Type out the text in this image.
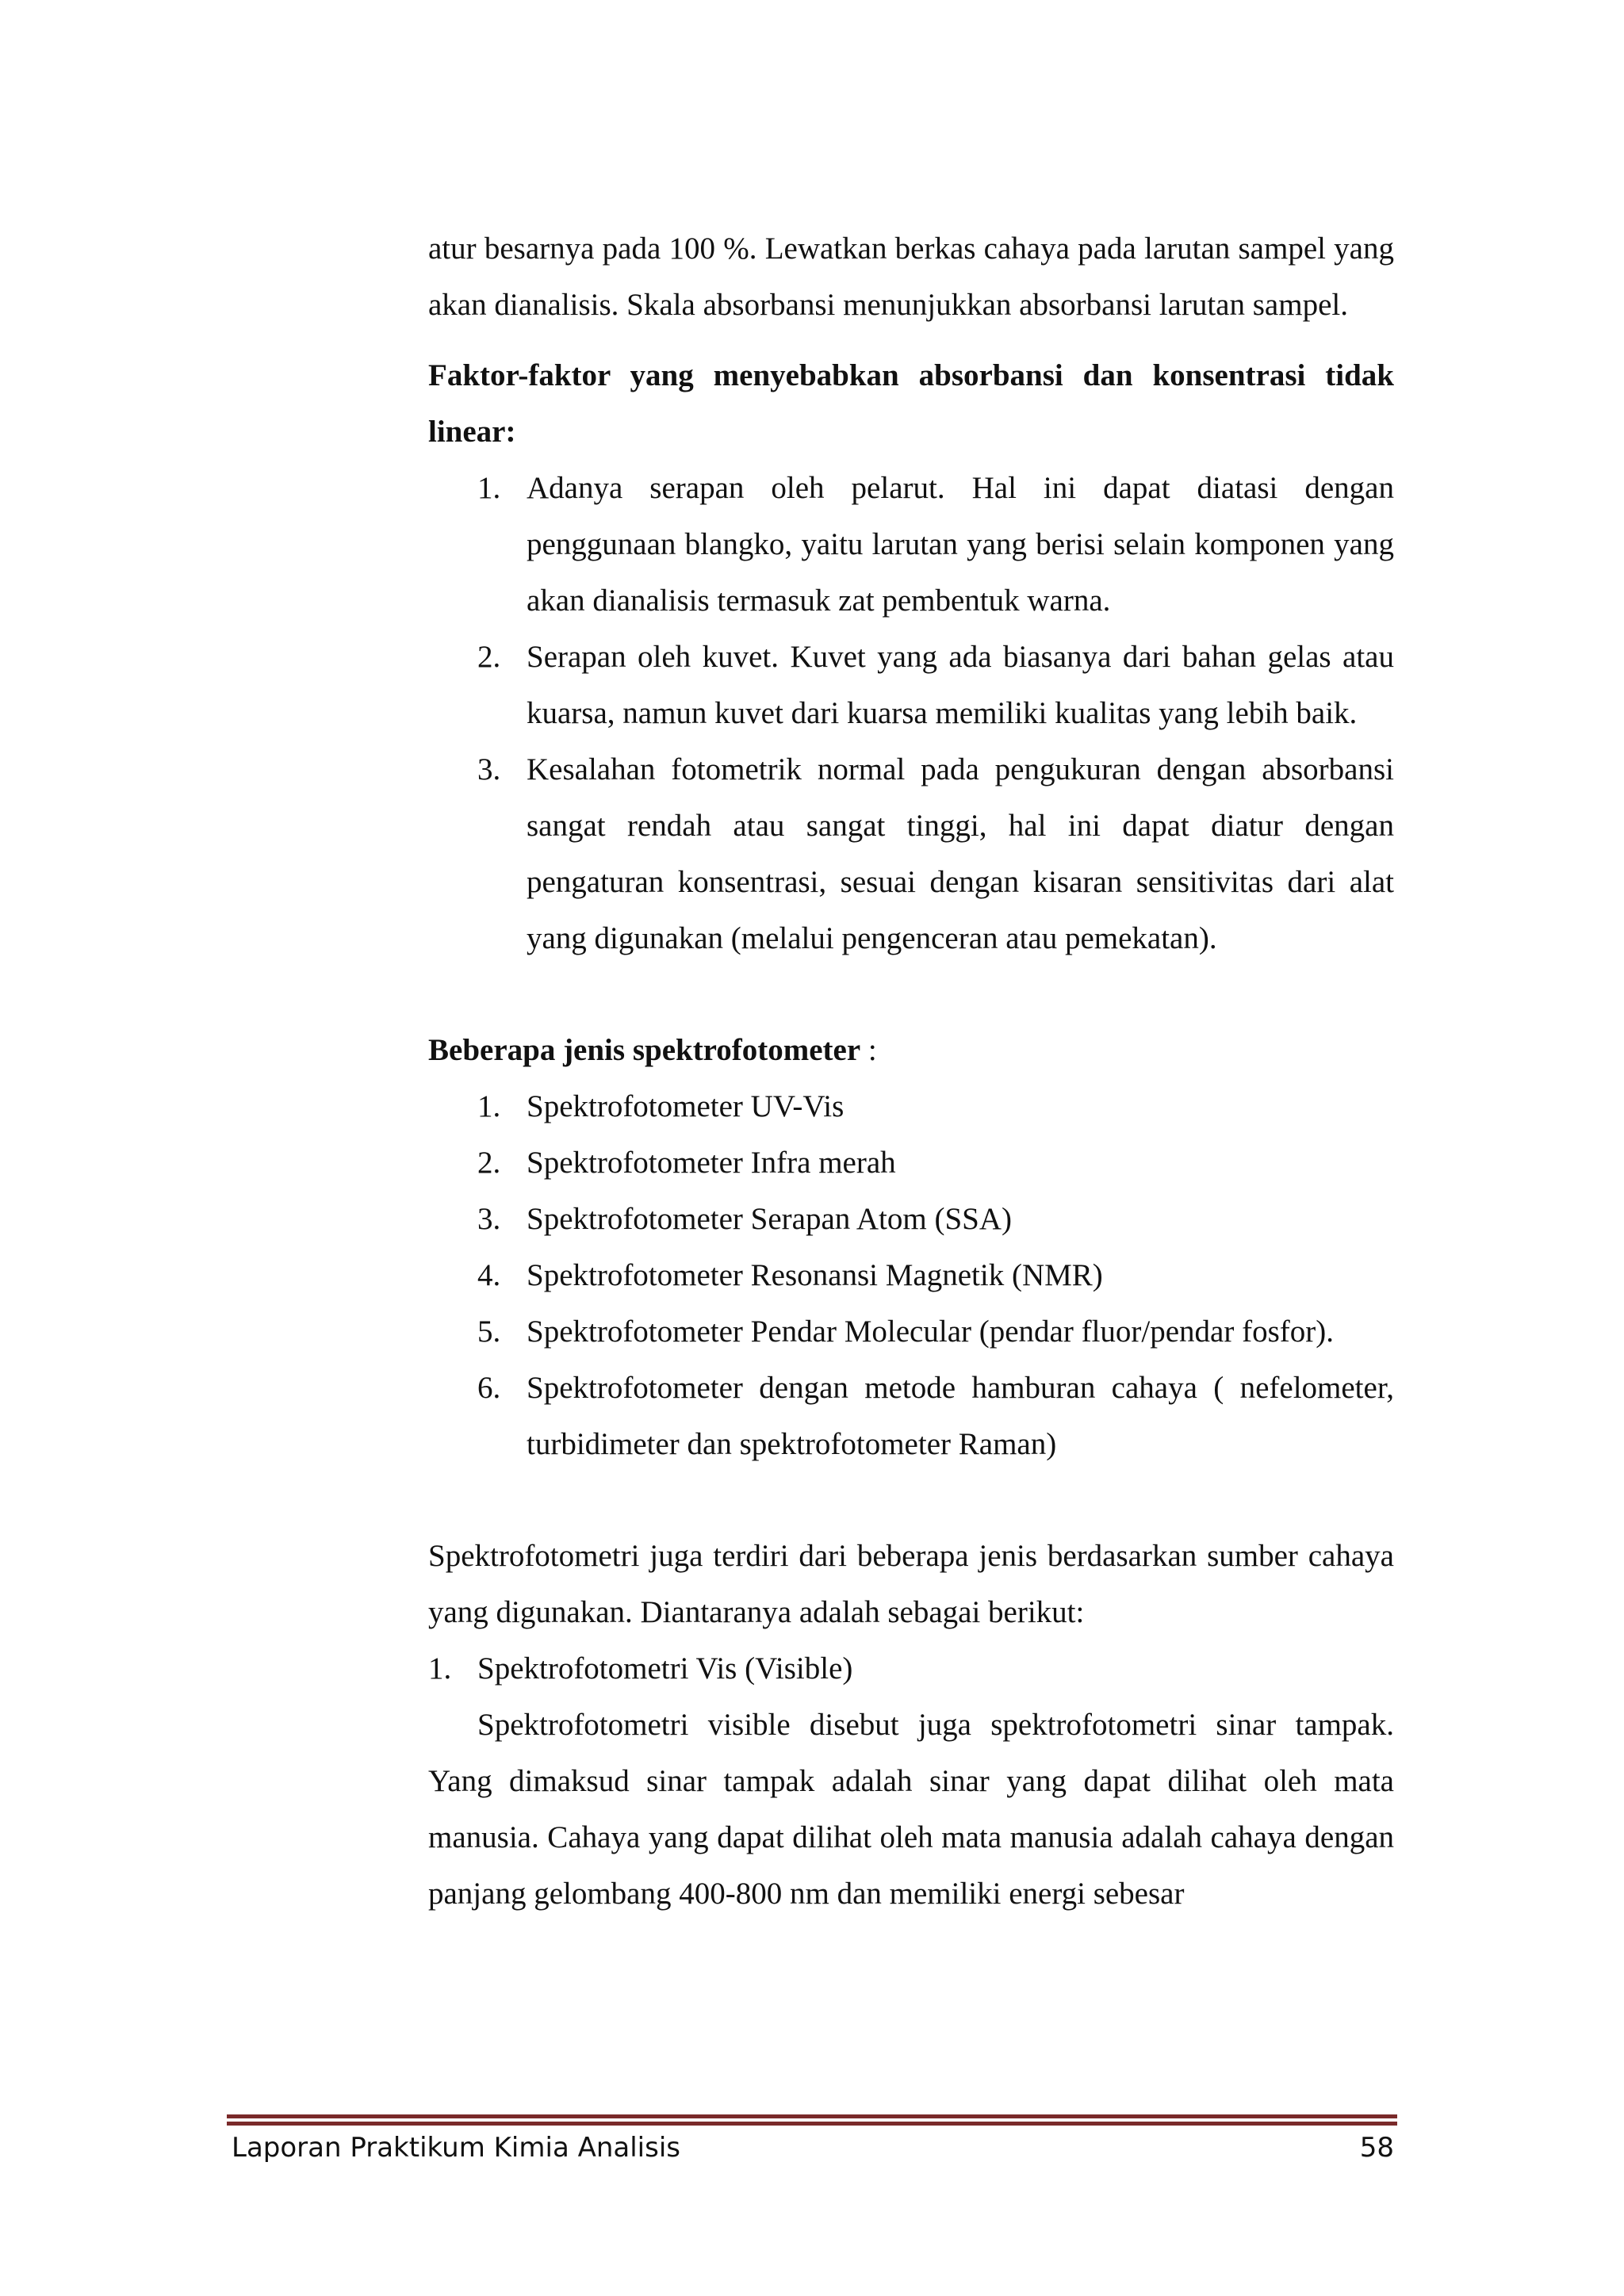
atur besarnya pada 100 %. Lewatkan berkas cahaya pada larutan sampel yang akan dianalisis. Skala absorbansi menunjukkan absorbansi larutan sampel.

Faktor-faktor yang menyebabkan absorbansi dan konsentrasi tidak linear:

1. Adanya serapan oleh pelarut. Hal ini dapat diatasi dengan penggunaan blangko, yaitu larutan yang berisi selain komponen yang akan dianalisis termasuk zat pembentuk warna.
2. Serapan oleh kuvet. Kuvet yang ada biasanya dari bahan gelas atau kuarsa, namun kuvet dari kuarsa memiliki kualitas yang lebih baik.
3. Kesalahan fotometrik normal pada pengukuran dengan absorbansi sangat rendah atau sangat tinggi, hal ini dapat diatur dengan pengaturan konsentrasi, sesuai dengan kisaran sensitivitas dari alat yang digunakan (melalui pengenceran atau pemekatan).

Beberapa jenis spektrofotometer :

1. Spektrofotometer UV-Vis
2. Spektrofotometer Infra merah
3. Spektrofotometer Serapan Atom (SSA)
4. Spektrofotometer Resonansi Magnetik (NMR)
5. Spektrofotometer Pendar Molecular (pendar fluor/pendar fosfor).
6. Spektrofotometer dengan metode hamburan cahaya ( nefelometer, turbidimeter dan spektrofotometer Raman)

Spektrofotometri juga terdiri dari beberapa jenis berdasarkan sumber cahaya yang digunakan. Diantaranya adalah sebagai berikut:

1. Spektrofotometri Vis (Visible)

Spektrofotometri visible disebut juga spektrofotometri sinar tampak. Yang dimaksud sinar tampak adalah sinar yang dapat dilihat oleh mata manusia. Cahaya yang dapat dilihat oleh mata manusia adalah cahaya dengan panjang gelombang 400-800 nm dan memiliki energi sebesar

Laporan Praktikum Kimia Analisis	58
